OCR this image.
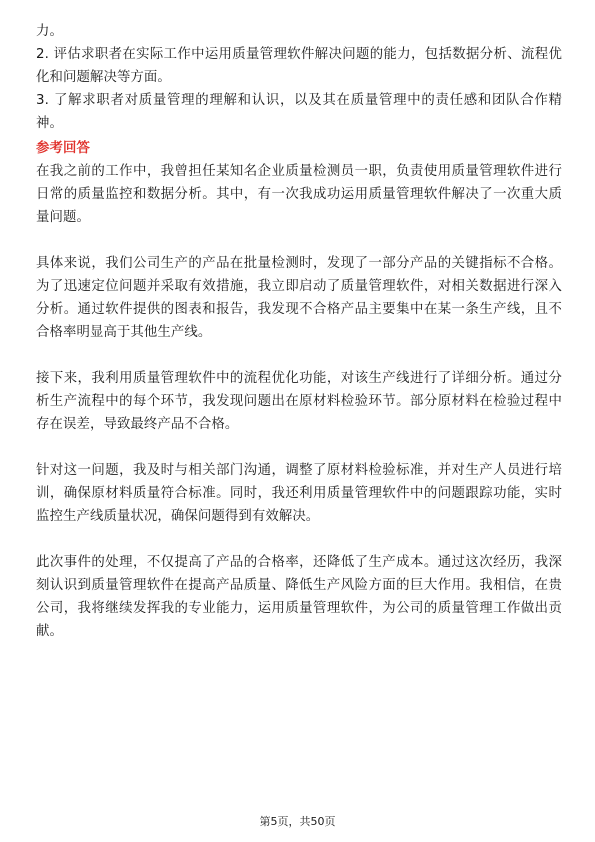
力。

2. 评估求职者在实际工作中运用质量管理软件解决问题的能力，包括数据分析、流程优化和问题解决等方面。

3. 了解求职者对质量管理的理解和认识，以及其在质量管理中的责任感和团队合作精神。

参考回答

在我之前的工作中，我曾担任某知名企业质量检测员一职，负责使用质量管理软件进行日常的质量监控和数据分析。其中，有一次我成功运用质量管理软件解决了一次重大质量问题。

具体来说，我们公司生产的产品在批量检测时，发现了一部分产品的关键指标不合格。为了迅速定位问题并采取有效措施，我立即启动了质量管理软件，对相关数据进行深入分析。通过软件提供的图表和报告，我发现不合格产品主要集中在某一条生产线，且不合格率明显高于其他生产线。

接下来，我利用质量管理软件中的流程优化功能，对该生产线进行了详细分析。通过分析生产流程中的每个环节，我发现问题出在原材料检验环节。部分原材料在检验过程中存在误差，导致最终产品不合格。

针对这一问题，我及时与相关部门沟通，调整了原材料检验标准，并对生产人员进行培训，确保原材料质量符合标准。同时，我还利用质量管理软件中的问题跟踪功能，实时监控生产线质量状况，确保问题得到有效解决。

此次事件的处理，不仅提高了产品的合格率，还降低了生产成本。通过这次经历，我深刻认识到质量管理软件在提高产品质量、降低生产风险方面的巨大作用。我相信，在贵公司，我将继续发挥我的专业能力，运用质量管理软件，为公司的质量管理工作做出贡献。

第5页，共50页
